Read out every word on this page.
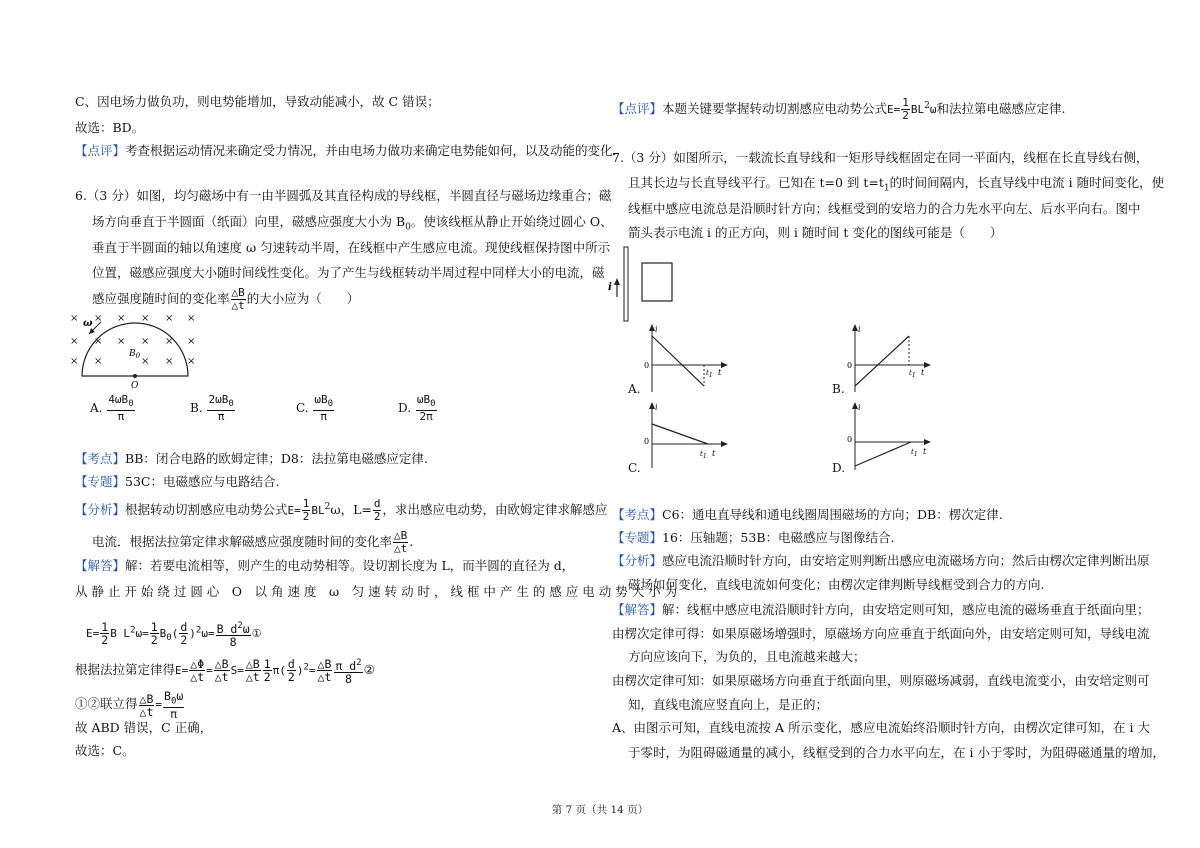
C、因电场力做负功，则电势能增加，导致动能减小，故 C 错误；
故选：BD。
【点评】考查根据运动情况来确定受力情况，并由电场力做功来确定电势能如何，以及动能的变化.
6.（3 分）如图，均匀磁场中有一由半圆弧及其直径构成的导线框，半圆直径与磁场边缘重合；磁
场方向垂直于半圆面（纸面）向里，磁感应强度大小为 $B_0$。使该线框从静止开始绕过圆心 O、
垂直于半圆面的轴以角速度 ω 匀速转动半周，在线框中产生感应电流。现使线框保持图中所示
位置，磁感应强度大小随时间线性变化。为了产生与线框转动半周过程中同样大小的电流，磁
感应强度随时间的变化率 $\frac{\triangle B}{\triangle t}$ 的大小应为（　　）
× × × × × ×
× × × × × ×
× ×	× × ×
ω
$B_0$
O
A. $\frac{4\omega B_0}{\pi}$	B. $\frac{2\omega B_0}{\pi}$	C. $\frac{\omega B_0}{\pi}$	D. $\frac{\omega B_0}{2\pi}$
【考点】BB：闭合电路的欧姆定律；D8：法拉第电磁感应定律.
【专题】53C：电磁感应与电路结合.
【分析】根据转动切割感应电动势公式$E= \frac{1}{2} BL^2\omega$，$L= \frac{d}{2}$ ，求出感应电动势，由欧姆定律求解感应
电流．根据法拉第定律求解磁感应强度随时间的变化率 $\frac{\triangle B}{\triangle t}$ .
【解答】解：若要电流相等，则产生的电动势相等。设切割长度为 L，而半圆的直径为 d，
从 静 止 开 始 绕 过 圆 心　O　以 角 速 度　ω　匀 速 转 动 时 ， 线 框 中 产 生 的 感 应 电 动 势 大 小 为
$E= \frac{1}{2}$ B $L^2\omega= \frac{1}{2} B_0( \frac{d}{2} )^2\omega= \frac{B d^2\omega}{8}$ ①
根据法拉第定律得$E= \frac{\triangle\Phi}{\triangle t} = \frac{\triangle B}{\triangle t} S= \frac{\triangle B}{\triangle t} \frac{1}{2} \pi( \frac{d}{2} )^2= \frac{\triangle B}{\triangle t} \frac{\pi d^2}{8}$ ②
①②联立得 $\frac{\triangle B}{\triangle t} = \frac{B_0\omega}{\pi}$
故 ABD 错误，C 正确，
故选：C。
【点评】本题关键要掌握转动切割感应电动势公式$E= \frac{1}{2} BL^2\omega$和法拉第电磁感应定律.
7.（3 分）如图所示，一载流长直导线和一矩形导线框固定在同一平面内，线框在长直导线右侧，
且其长边与长直导线平行。已知在 t=0 到 $t=t_1$的时间间隔内，长直导线中电流 i 随时间变化，使
线框中感应电流总是沿顺时针方向；线框受到的安培力的合力先水平向左、后水平向右。图中
箭头表示电流 i 的正方向，则 i 随时间 t 变化的图线可能是（　　）
i
i
0
t1 t
A.
i
0
t1 t
B.
i
0
t1 t
C.
i
0
t1 t
D.
【考点】C6：通电直导线和通电线圈周围磁场的方向；DB：楞次定律.
【专题】16：压轴题；53B：电磁感应与图像结合.
【分析】感应电流沿顺时针方向，由安培定则判断出感应电流磁场方向；然后由楞次定律判断出原
磁场如何变化，直线电流如何变化；由楞次定律判断导线框受到合力的方向.
【解答】解：线框中感应电流沿顺时针方向，由安培定则可知，感应电流的磁场垂直于纸面向里；
由楞次定律可得：如果原磁场增强时，原磁场方向应垂直于纸面向外，由安培定则可知，导线电流
方向应该向下，为负的，且电流越来越大；
由楞次定律可知：如果原磁场方向垂直于纸面向里，则原磁场减弱，直线电流变小，由安培定则可
知，直线电流应竖直向上，是正的；
A、由图示可知，直线电流按 A 所示变化，感应电流始终沿顺时针方向，由楞次定律可知，在 i 大
于零时，为阻碍磁通量的减小，线框受到的合力水平向左，在 i 小于零时，为阻碍磁通量的增加，
第 7 页（共 14 页）
